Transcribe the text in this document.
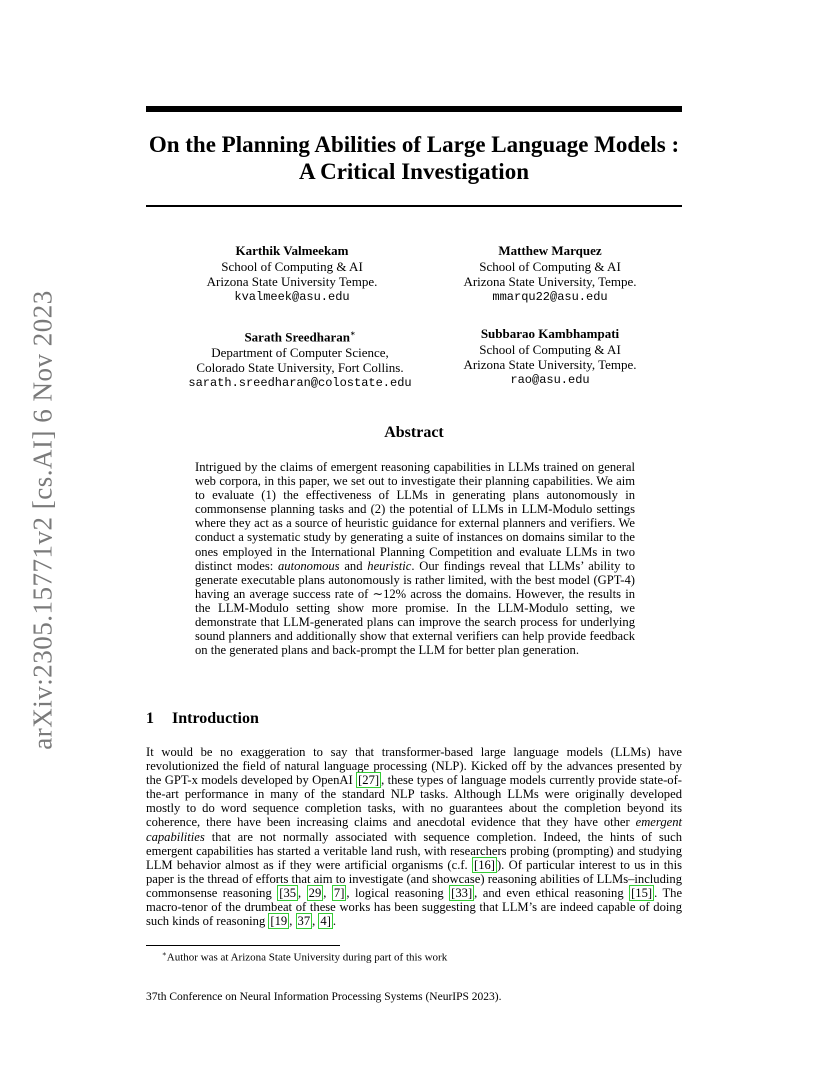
arXiv:2305.15771v2 [cs.AI] 6 Nov 2023
On the Planning Abilities of Large Language Models :
A Critical Investigation
Karthik Valmeekam
School of Computing & AI
Arizona State University Tempe.
kvalmeek@asu.edu
Matthew Marquez
School of Computing & AI
Arizona State University, Tempe.
mmarqu22@asu.edu
Sarath Sreedharan∗
Department of Computer Science,
Colorado State University, Fort Collins.
sarath.sreedharan@colostate.edu
Subbarao Kambhampati
School of Computing & AI
Arizona State University, Tempe.
rao@asu.edu
Abstract
Intrigued by the claims of emergent reasoning capabilities in LLMs trained on general web corpora, in this paper, we set out to investigate their planning capabilities. We aim to evaluate (1) the effectiveness of LLMs in generating plans autonomously in commonsense planning tasks and (2) the potential of LLMs in LLM-Modulo settings where they act as a source of heuristic guidance for external planners and verifiers. We conduct a systematic study by generating a suite of instances on domains similar to the ones employed in the International Planning Competition and evaluate LLMs in two distinct modes: autonomous and heuristic. Our findings reveal that LLMs’ ability to generate executable plans autonomously is rather limited, with the best model (GPT-4) having an average success rate of ∼12% across the domains. However, the results in the LLM-Modulo setting show more promise. In the LLM-Modulo setting, we demonstrate that LLM-generated plans can improve the search process for underlying sound planners and additionally show that external verifiers can help provide feedback on the generated plans and back-prompt the LLM for better plan generation.
1 Introduction
It would be no exaggeration to say that transformer-based large language models (LLMs) have revolutionized the field of natural language processing (NLP). Kicked off by the advances presented by the GPT-x models developed by OpenAI [27] , these types of language models currently provide state-of-the-art performance in many of the standard NLP tasks. Although LLMs were originally developed mostly to do word sequence completion tasks, with no guarantees about the completion beyond its coherence, there have been increasing claims and anecdotal evidence that they have other emergent capabilities that are not normally associated with sequence completion. Indeed, the hints of such emergent capabilities has started a veritable land rush, with researchers probing (prompting) and studying LLM behavior almost as if they were artificial organisms (c.f. [16] ). Of particular interest to us in this paper is the thread of efforts that aim to investigate (and showcase) reasoning abilities of LLMs–including commonsense reasoning [35 , 29 , 7] , logical reasoning [33] , and even ethical reasoning [15] . The macro-tenor of the drumbeat of these works has been suggesting that LLM’s are indeed capable of doing such kinds of reasoning [19 , 37 , 4] .
∗Author was at Arizona State University during part of this work
37th Conference on Neural Information Processing Systems (NeurIPS 2023).
